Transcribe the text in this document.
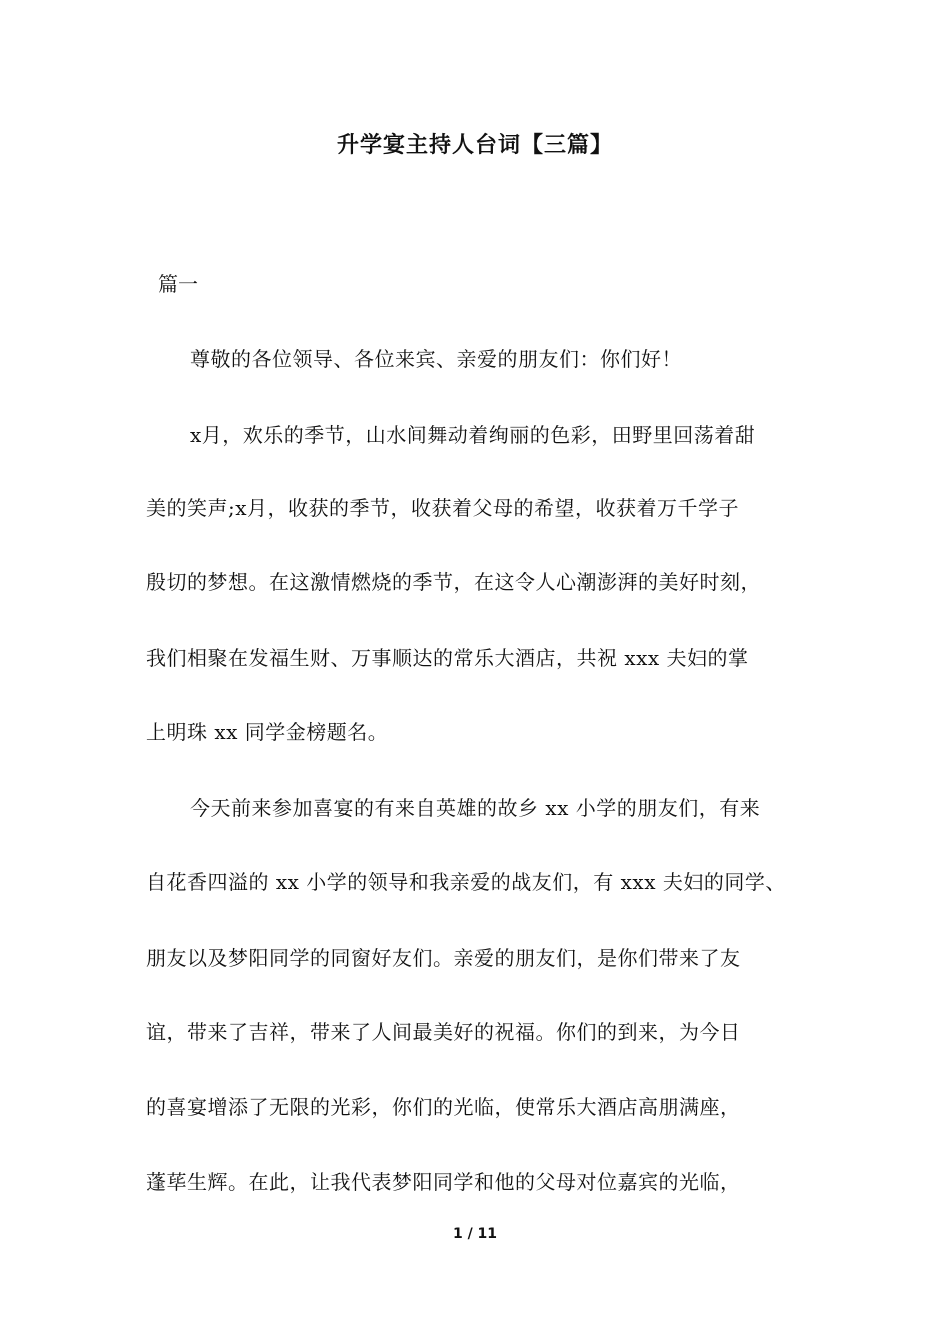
升学宴主持人台词【三篇】
篇一
尊敬的各位领导、各位来宾、亲爱的朋友们：你们好！
x月，欢乐的季节，山水间舞动着绚丽的色彩，田野里回荡着甜
美的笑声;x月，收获的季节，收获着父母的希望，收获着万千学子
殷切的梦想。在这激情燃烧的季节，在这令人心潮澎湃的美好时刻，
我们相聚在发福生财、万事顺达的常乐大酒店，共祝 xxx 夫妇的掌
上明珠 xx 同学金榜题名。
今天前来参加喜宴的有来自英雄的故乡 xx 小学的朋友们，有来
自花香四溢的 xx 小学的领导和我亲爱的战友们，有 xxx 夫妇的同学、
朋友以及梦阳同学的同窗好友们。亲爱的朋友们，是你们带来了友
谊，带来了吉祥，带来了人间最美好的祝福。你们的到来，为今日
的喜宴增添了无限的光彩，你们的光临，使常乐大酒店高朋满座，
蓬荜生辉。在此，让我代表梦阳同学和他的父母对位嘉宾的光临，
1 / 11
